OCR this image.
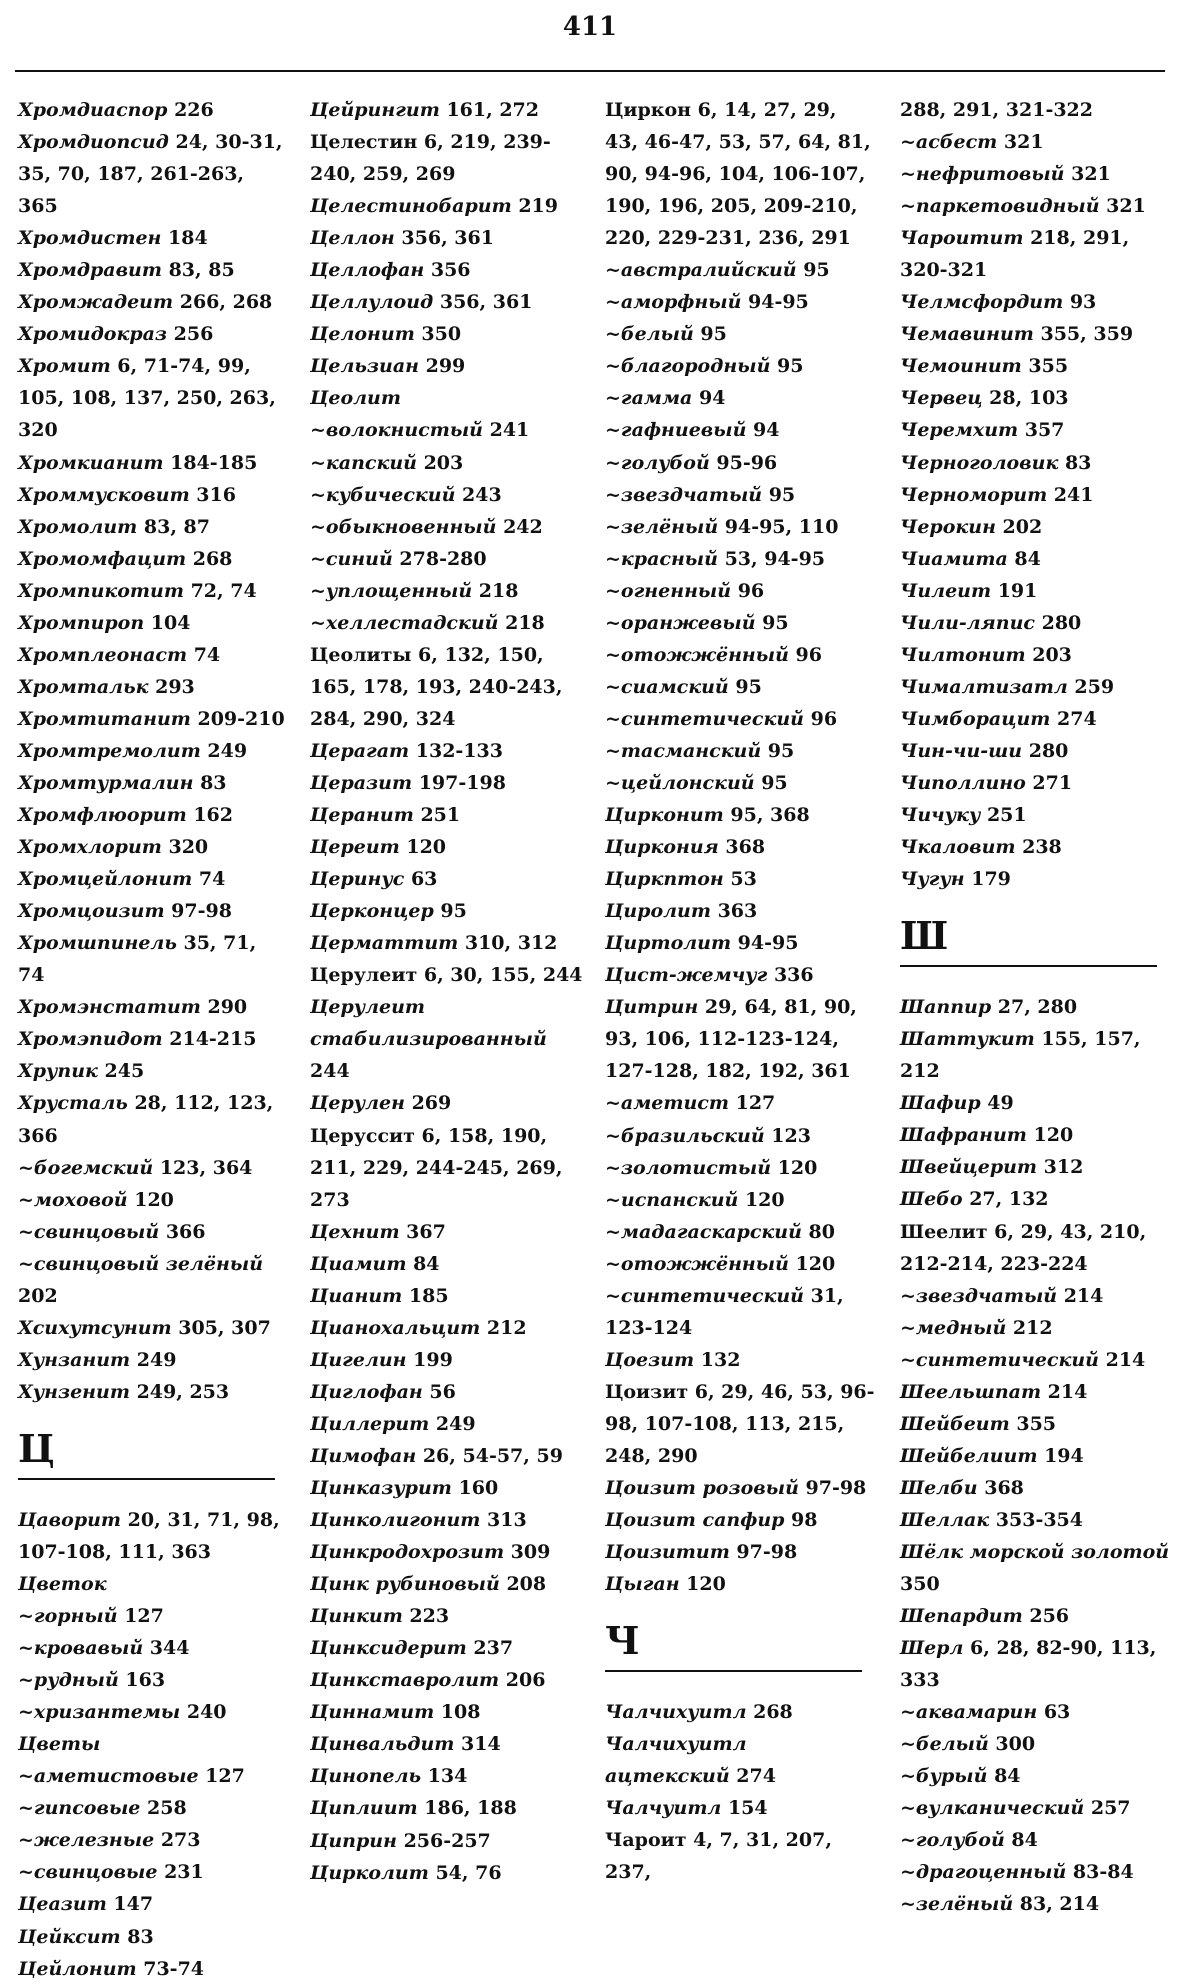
411
Хромдиаспор 226
Хромдиопсид 24, 30-31, 35, 70, 187, 261-263, 365
Хромдистен 184
Хромдравит 83, 85
Хромжадеит 266, 268
Хромидокраз 256
Хромит 6, 71-74, 99, 105, 108, 137, 250, 263, 320
Хромкианит 184-185
Хроммусковит 316
Хромолит 83, 87
Хромомфацит 268
Хромпикотит 72, 74
Хромпироп 104
Хромплеонаст 74
Хромтальк 293
Хромтитанит 209-210
Хромтремолит 249
Хромтурмалин 83
Хромфлюорит 162
Хромхлорит 320
Хромцейлонит 74
Хромцоизит 97-98
Хромшпинель 35, 71, 74
Хромэнстатит 290
Хромэпидот 214-215
Хрупик 245
Хрусталь 28, 112, 123, 366
~богемский 123, 364
~моховой 120
~свинцовый 366
~свинцовый зелёный 202
Хсихутсунит 305, 307
Хунзанит 249
Хунзенит 249, 253
Ц
Цаворит 20, 31, 71, 98, 107-108, 111, 363
Цветок
~горный 127
~кровавый 344
~рудный 163
~хризантемы 240
Цветы
~аметистовые 127
~гипсовые 258
~железные 273
~свинцовые 231
Цеазит 147
Цейксит 83
Цейлонит 73-74
Цейрингит 161, 272
Целестин 6, 219, 239-240, 259, 269
Целестинобарит 219
Целлон 356, 361
Целлофан 356
Целлулоид 356, 361
Целонит 350
Цельзиан 299
Цеолит
~волокнистый 241
~капский 203
~кубический 243
~обыкновенный 242
~синий 278-280
~уплощенный 218
~хеллестадский 218
Цеолиты 6, 132, 150, 165, 178, 193, 240-243, 284, 290, 324
Церагат 132-133
Церазит 197-198
Церанит 251
Цереит 120
Церинус 63
Церконцер 95
Церматтит 310, 312
Церулеит 6, 30, 155, 244
Церулеит стабилизированный 244
Церулен 269
Церуссит 6, 158, 190, 211, 229, 244-245, 269, 273
Цехнит 367
Циамит 84
Цианит 185
Цианохальцит 212
Цигелин 199
Циглофан 56
Циллерит 249
Цимофан 26, 54-57, 59
Цинказурит 160
Цинколигонит 313
Цинкродохрозит 309
Цинк рубиновый 208
Цинкит 223
Цинксидерит 237
Цинкставролит 206
Циннамит 108
Цинвальдит 314
Цинопель 134
Циплиит 186, 188
Циприн 256-257
Цирколит 54, 76
Циркон 6, 14, 27, 29, 43, 46-47, 53, 57, 64, 81, 90, 94-96, 104, 106-107, 190, 196, 205, 209-210, 220, 229-231, 236, 291
~австралийский 95
~аморфный 94-95
~белый 95
~благородный 95
~гамма 94
~гафниевый 94
~голубой 95-96
~звездчатый 95
~зелёный 94-95, 110
~красный 53, 94-95
~огненный 96
~оранжевый 95
~отожжённый 96
~сиамский 95
~синтетический 96
~тасманский 95
~цейлонский 95
Цирконит 95, 368
Циркония 368
Циркптон 53
Циролит 363
Циртолит 94-95
Цист-жемчуг 336
Цитрин 29, 64, 81, 90, 93, 106, 112-123-124, 127-128, 182, 192, 361
~аметист 127
~бразильский 123
~золотистый 120
~испанский 120
~мадагаскарский 80
~отожжённый 120
~синтетический 31, 123-124
Цоезит 132
Цоизит 6, 29, 46, 53, 96-98, 107-108, 113, 215, 248, 290
Цоизит розовый 97-98
Цоизит сапфир 98
Цоизитит 97-98
Цыган 120
Ч
Чалчихуитл 268
Чалчихуитл ацтекский 274
Чалчуитл 154
Чароит 4, 7, 31, 207, 237,
288, 291, 321-322
~асбест 321
~нефритовый 321
~паркетовидный 321
Чароитит 218, 291, 320-321
Челмсфордит 93
Чемавинит 355, 359
Чемоинит 355
Червец 28, 103
Черемхит 357
Черноголовик 83
Черноморит 241
Черокин 202
Чиамита 84
Чилеит 191
Чили-ляпис 280
Чилтонит 203
Чималтизатл 259
Чимборацит 274
Чин-чи-ши 280
Чиполлино 271
Чичуку 251
Чкаловит 238
Чугун 179
Ш
Шаппир 27, 280
Шаттукит 155, 157, 212
Шафир 49
Шафранит 120
Швейцерит 312
Шебо 27, 132
Шеелит 6, 29, 43, 210, 212-214, 223-224
~звездчатый 214
~медный 212
~синтетический 214
Шеельшпат 214
Шейбеит 355
Шейбелиит 194
Шелби 368
Шеллак 353-354
Шёлк морской золотой 350
Шепардит 256
Шерл 6, 28, 82-90, 113, 333
~аквамарин 63
~белый 300
~бурый 84
~вулканический 257
~голубой 84
~драгоценный 83-84
~зелёный 83, 214
